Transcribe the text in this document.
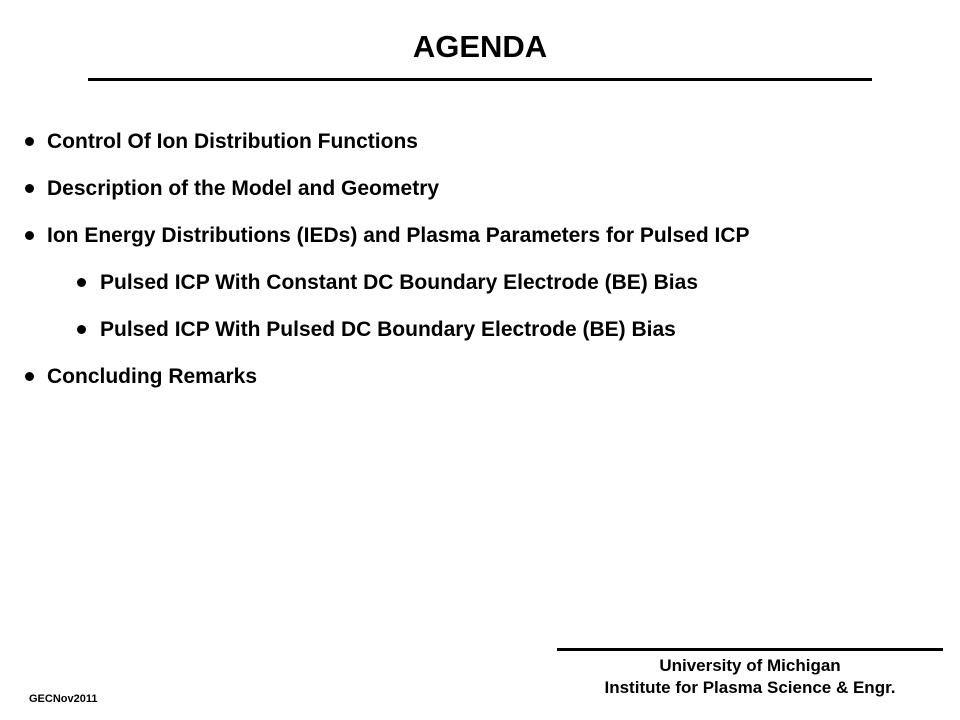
AGENDA
Control Of Ion Distribution Functions
Description of the Model and Geometry
Ion Energy Distributions (IEDs) and Plasma Parameters for Pulsed ICP
Pulsed ICP With Constant DC Boundary Electrode (BE) Bias
Pulsed ICP With Pulsed DC Boundary Electrode (BE) Bias
Concluding Remarks
University of Michigan
Institute for Plasma Science & Engr.
GECNov2011
